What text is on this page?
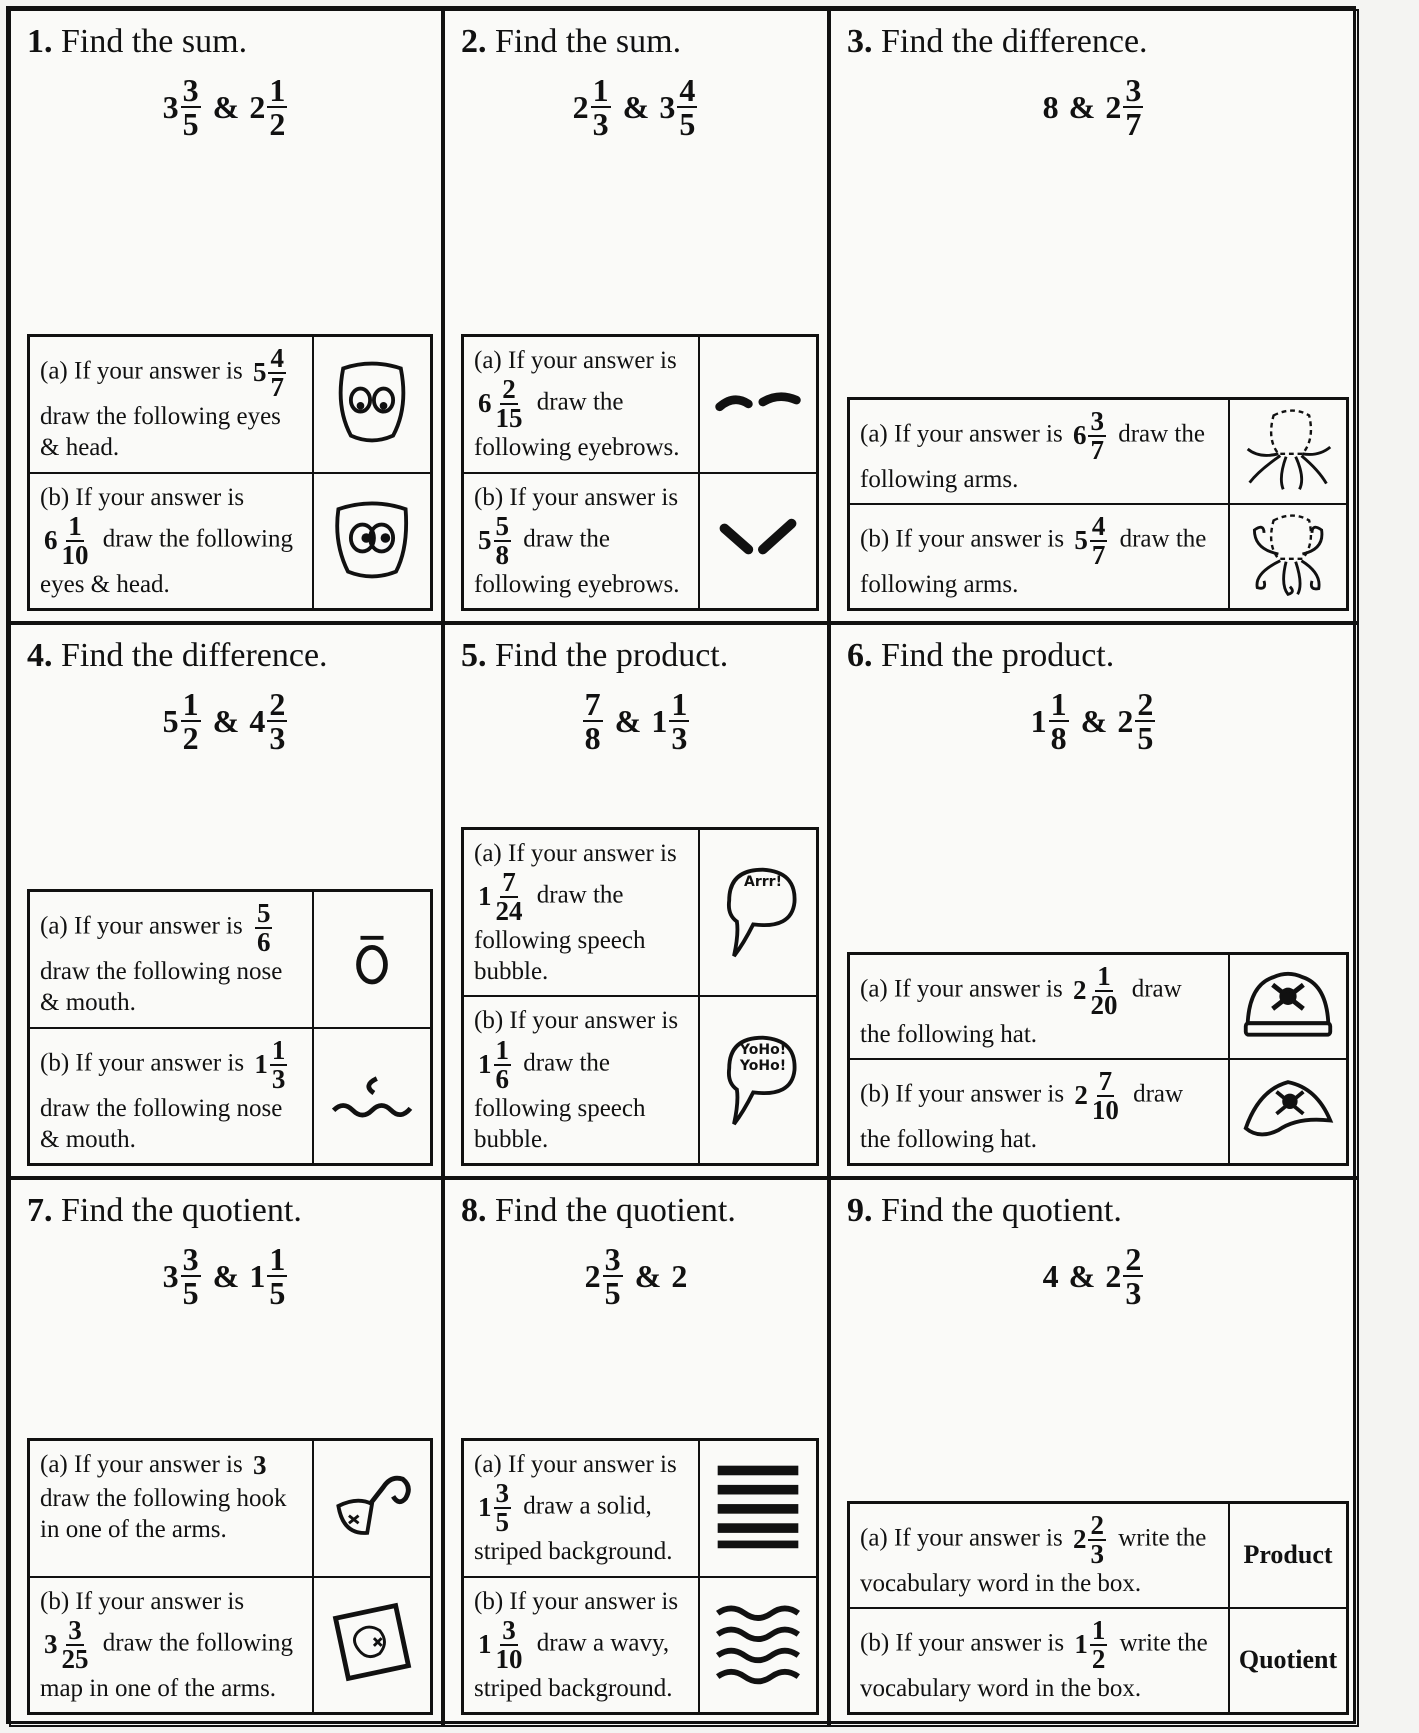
1. Find the sum.
$3 \frac{3}{5}$ & $2 \frac{1}{2}$
(a) If your answer is $5 \frac{4}{7}$
draw the following eyes & head.
(b) If your answer is
$6 \frac{1}{10}$ draw the following eyes & head.
2. Find the sum.
$2 \frac{1}{3}$ & $3 \frac{4}{5}$
(a) If your answer is
$6 \frac{2}{15}$ draw the following eyebrows.
(b) If your answer is
$5 \frac{5}{8}$ draw the following eyebrows.
3. Find the difference.
8 & $2 \frac{3}{7}$
(a) If your answer is $6 \frac{3}{7}$ draw the following arms.
(b) If your answer is $5 \frac{4}{7}$ draw the following arms.
4. Find the difference.
$5 \frac{1}{2}$ & $4 \frac{2}{3}$
(a) If your answer is $\frac{5}{6}$
draw the following nose & mouth.
(b) If your answer is $1 \frac{1}{3}$
draw the following nose & mouth.
5. Find the product.
$\frac{7}{8}$ & $1 \frac{1}{3}$
(a) If your answer is
$1 \frac{7}{24}$ draw the following speech bubble.
Arrr!
(b) If your answer is
$1 \frac{1}{6}$ draw the following speech bubble.
YoHo! YoHo!
6. Find the product.
$1 \frac{1}{8}$ & $2 \frac{2}{5}$
(a) If your answer is $2 \frac{1}{20}$ draw the following hat.
(b) If your answer is $2 \frac{7}{10}$ draw the following hat.
7. Find the quotient.
$3 \frac{3}{5}$ & $1 \frac{1}{5}$
(a) If your answer is 3
draw the following hook in one of the arms.
(b) If your answer is
$3 \frac{3}{25}$ draw the following map in one of the arms.
8. Find the quotient.
$2 \frac{3}{5}$ & 2
(a) If your answer is
$1 \frac{3}{5}$ draw a solid, striped background.
(b) If your answer is
$1 \frac{3}{10}$ draw a wavy, striped background.
9. Find the quotient.
4 & $2 \frac{2}{3}$
(a) If your answer is $2 \frac{2}{3}$ write the vocabulary word in the box.
Product
(b) If your answer is $1 \frac{1}{2}$ write the vocabulary word in the box.
Quotient
